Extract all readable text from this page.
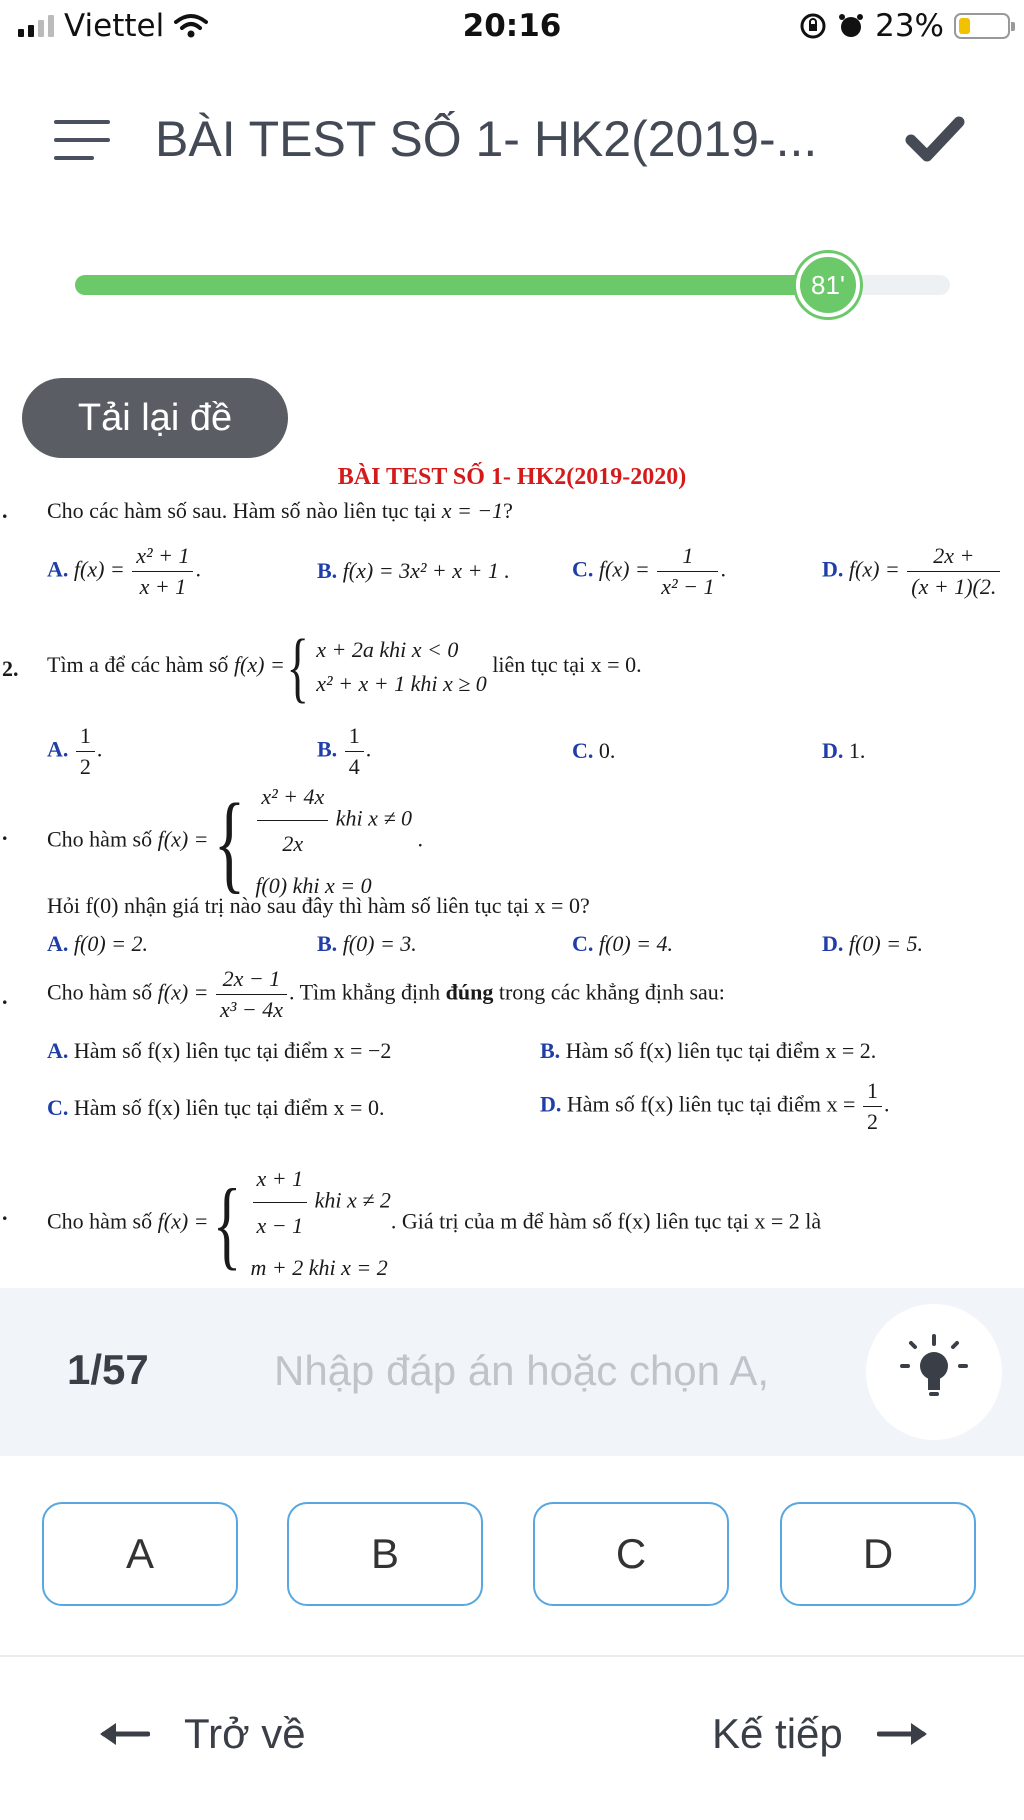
Viettel	20:16	23%
BÀI TEST SỐ 1- HK2(2019-...
81'
Tải lại đề
BÀI TEST SỐ 1- HK2(2019-2020)
. Cho các hàm số sau. Hàm số nào liên tục tại x = −1?
A. $f(x) = \frac{\text{x² + 1}}{x + 1}$ .	B. f(x) = 3x² + x + 1 .	C. $f(x) = \frac{1}{\text{x² − 1}}$ .	D. $f(x) = \frac{2x +}{(x + 1)(2.}$
2. Tìm a để các hàm số f(x) ={ x + 2a khi x < 0
x² + x + 1 khi x ≥ 0
liên tục tại x = 0.
A. $\frac{1}{2}$ .	B. $\frac{1}{4}$ .	C. 0.	D. 1.
. Cho hàm số f(x) ={ $\frac{\text{x² + 4x}}{2x}$ khi x ≠ 0
f(0) khi x = 0
.
Hỏi f(0) nhận giá trị nào sau đây thì hàm số liên tục tại x = 0?
A. f(0) = 2.	B. f(0) = 3.	C. f(0) = 4.	D. f(0) = 5.
. Cho hàm số $f(x) = \frac{2x - 1}{\text{x³ − 4x}}$ . Tìm khẳng định đúng trong các khẳng định sau:
A. Hàm số f(x) liên tục tại điểm x = −2	B. Hàm số f(x) liên tục tại điểm x = 2.
C. Hàm số f(x) liên tục tại điểm x = 0.	D. Hàm số f(x) liên tục tại điểm $x = \frac{1}{2}$ .
. Cho hàm số f(x) ={ $\frac{x + 1}{x - 1}$ khi x ≠ 2
m + 2 khi x = 2
. Giá trị của m để hàm số f(x) liên tục tại x = 2 là
1/57
Nhập đáp án hoặc chọn A,
A	B	C	D
Trở về	Kế tiếp
